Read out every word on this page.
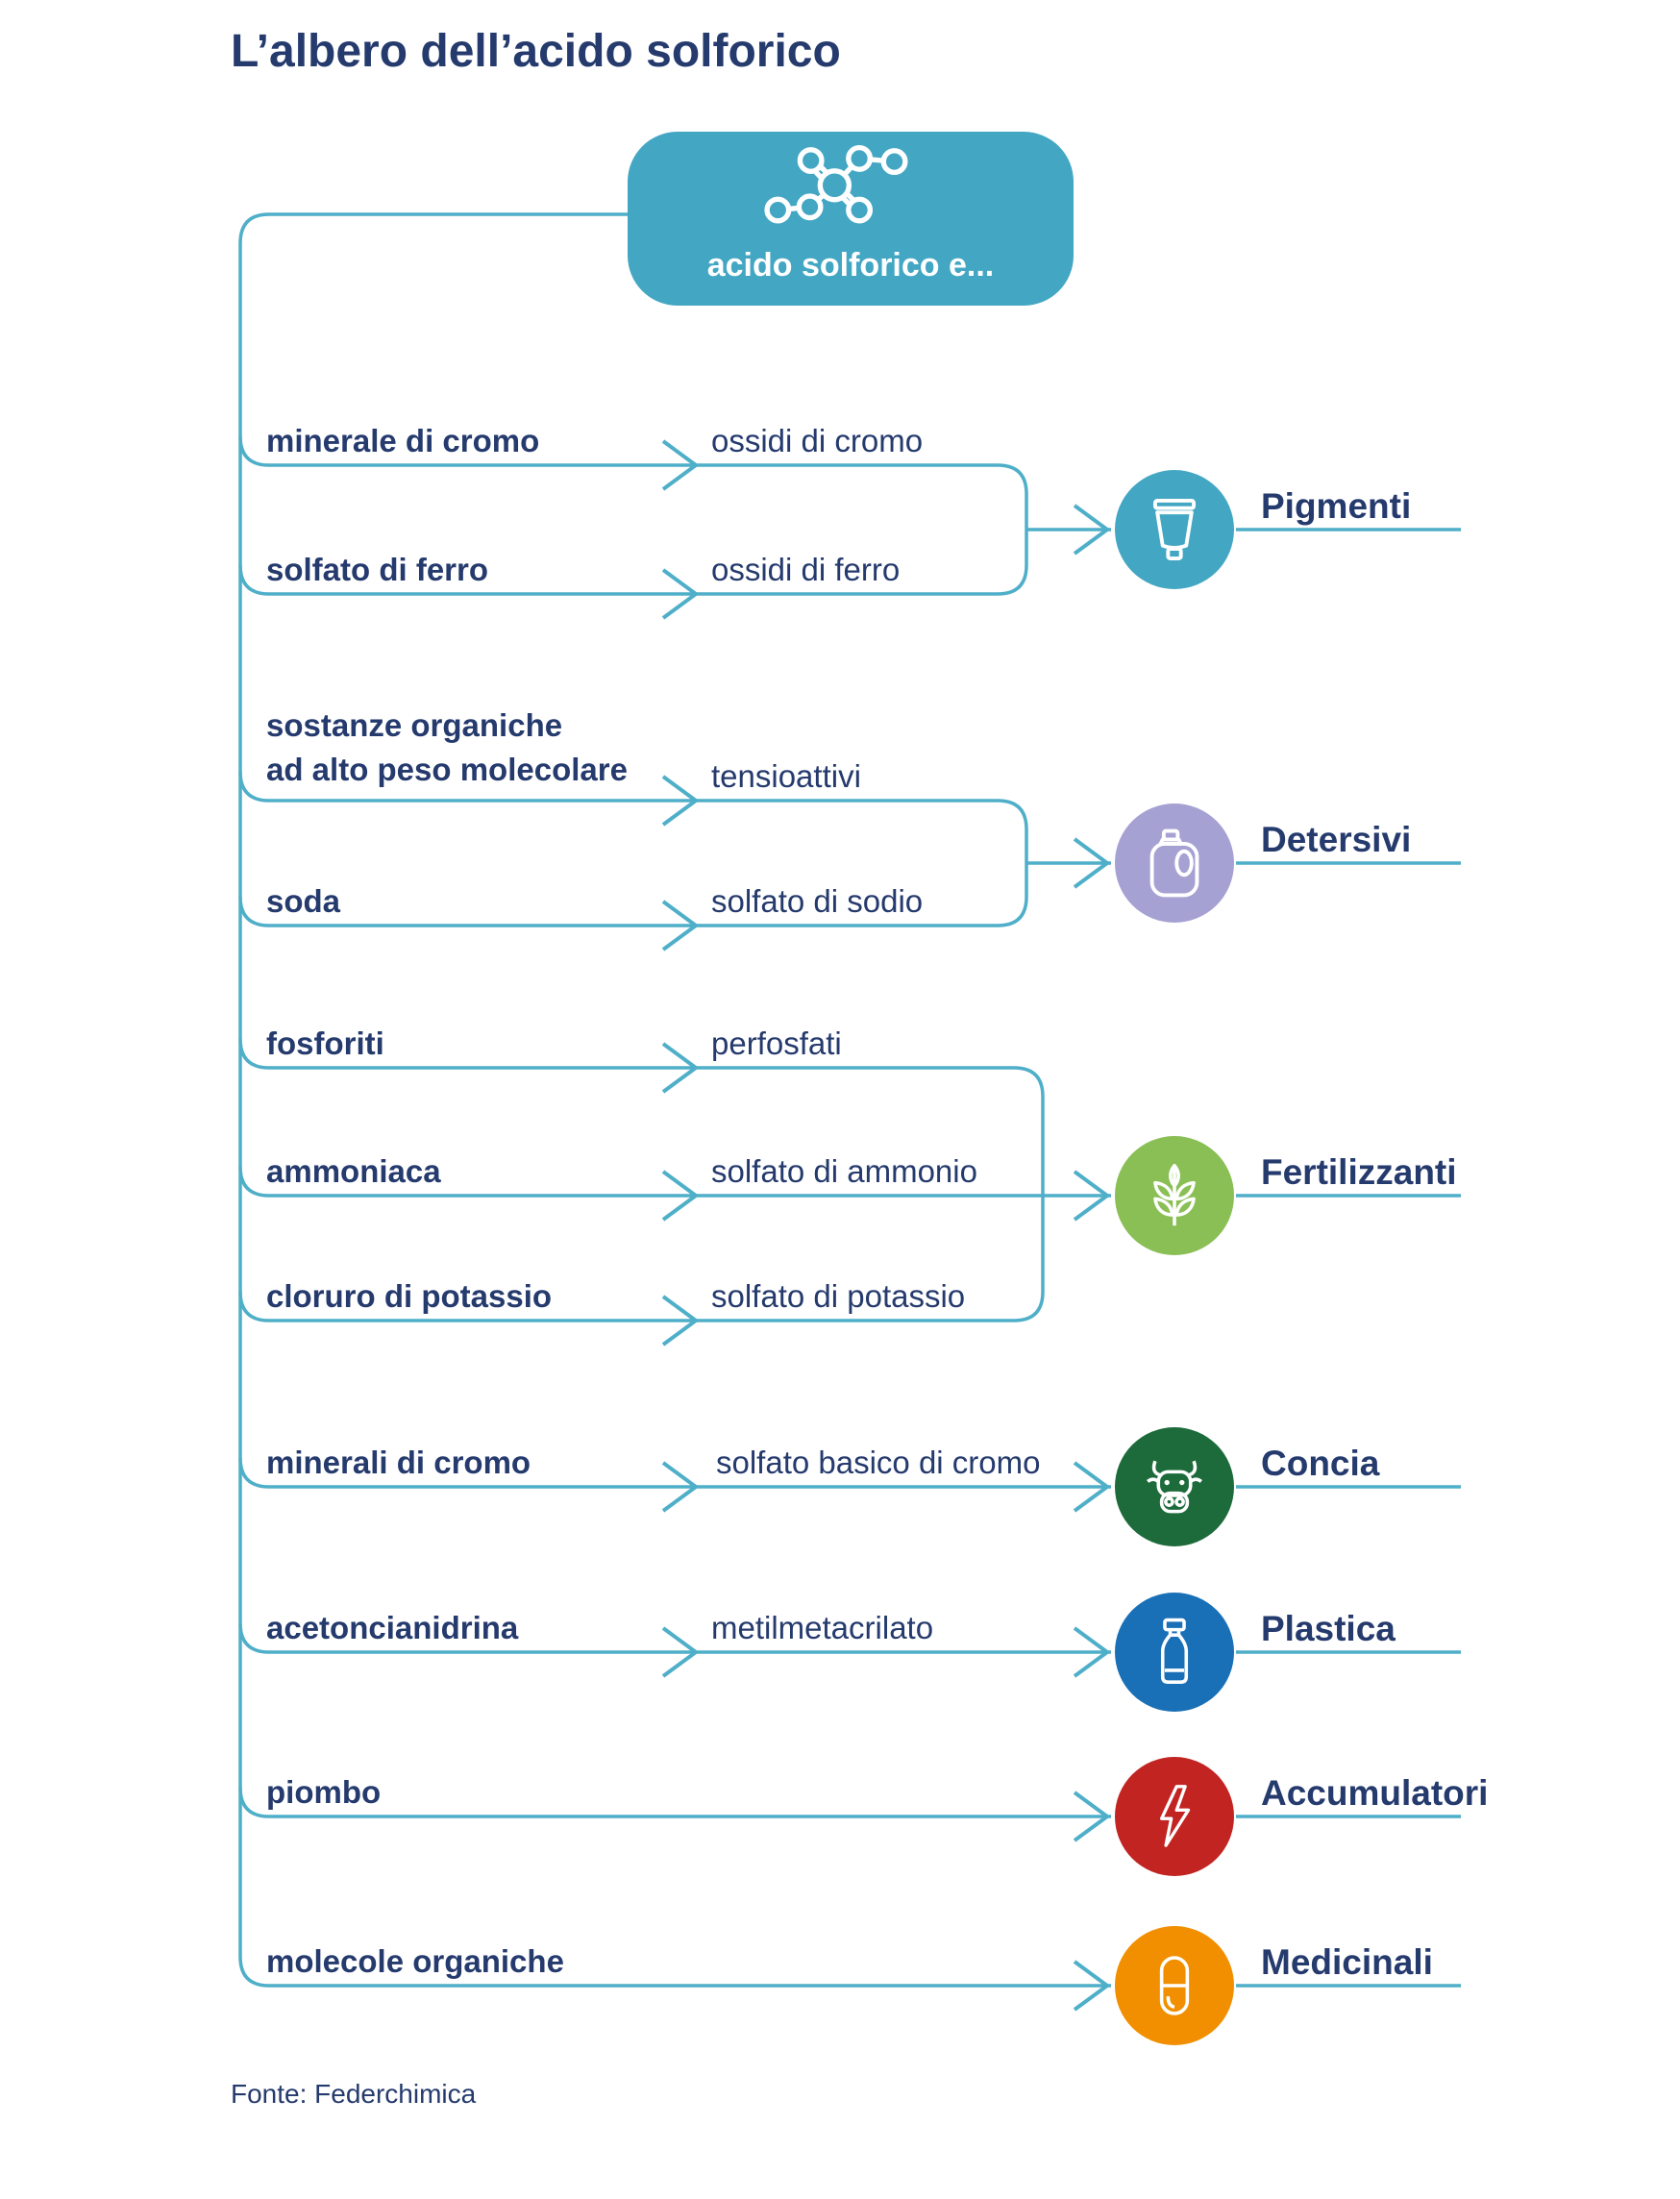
L’albero dell’acido solforico
acido solforico e...
minerale di cromo
solfato di ferro
sostanze organiche
ad alto peso molecolare
soda
fosforiti
ammoniaca
cloruro di potassio
minerali di cromo
acetoncianidrina
piombo
molecole organiche
ossidi di cromo
ossidi di ferro
tensioattivi
solfato di sodio
perfosfati
solfato di ammonio
solfato di potassio
solfato basico di cromo
metilmetacrilato
Pigmenti
Detersivi
Fertilizzanti
Concia
Plastica
Accumulatori
Medicinali
Fonte: Federchimica
